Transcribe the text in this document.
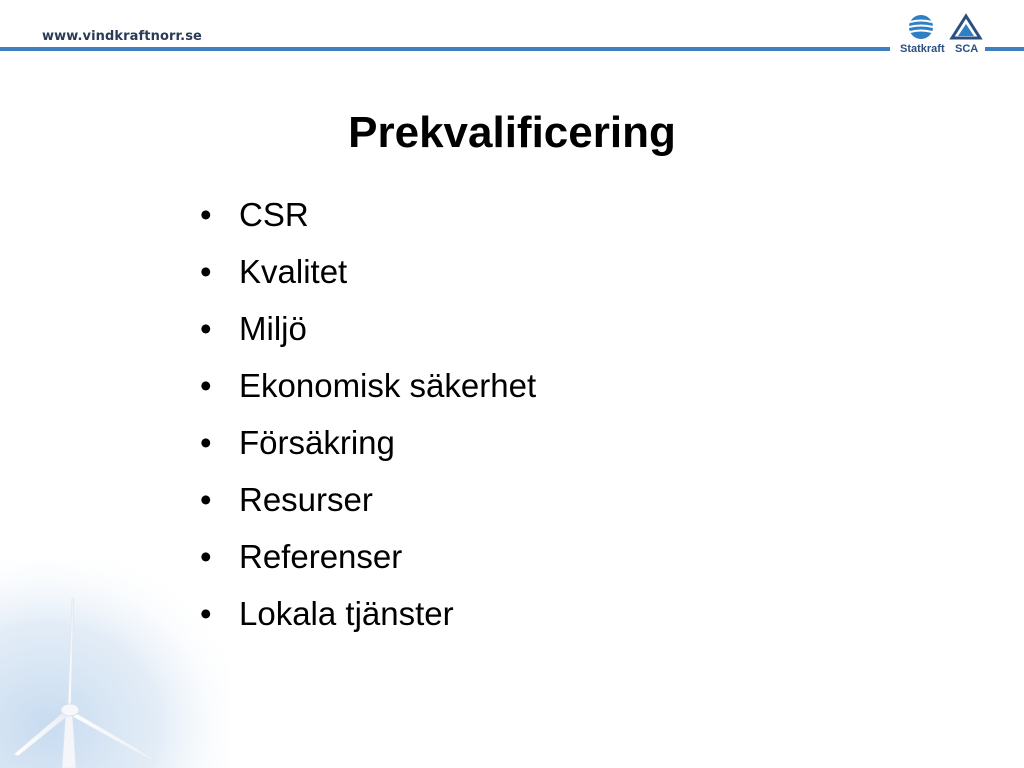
www.vindkraftnorr.se
Statkraft SCA
Prekvalificering
• CSR
• Kvalitet
• Miljö
• Ekonomisk säkerhet
• Försäkring
• Resurser
• Referenser
• Lokala tjänster
